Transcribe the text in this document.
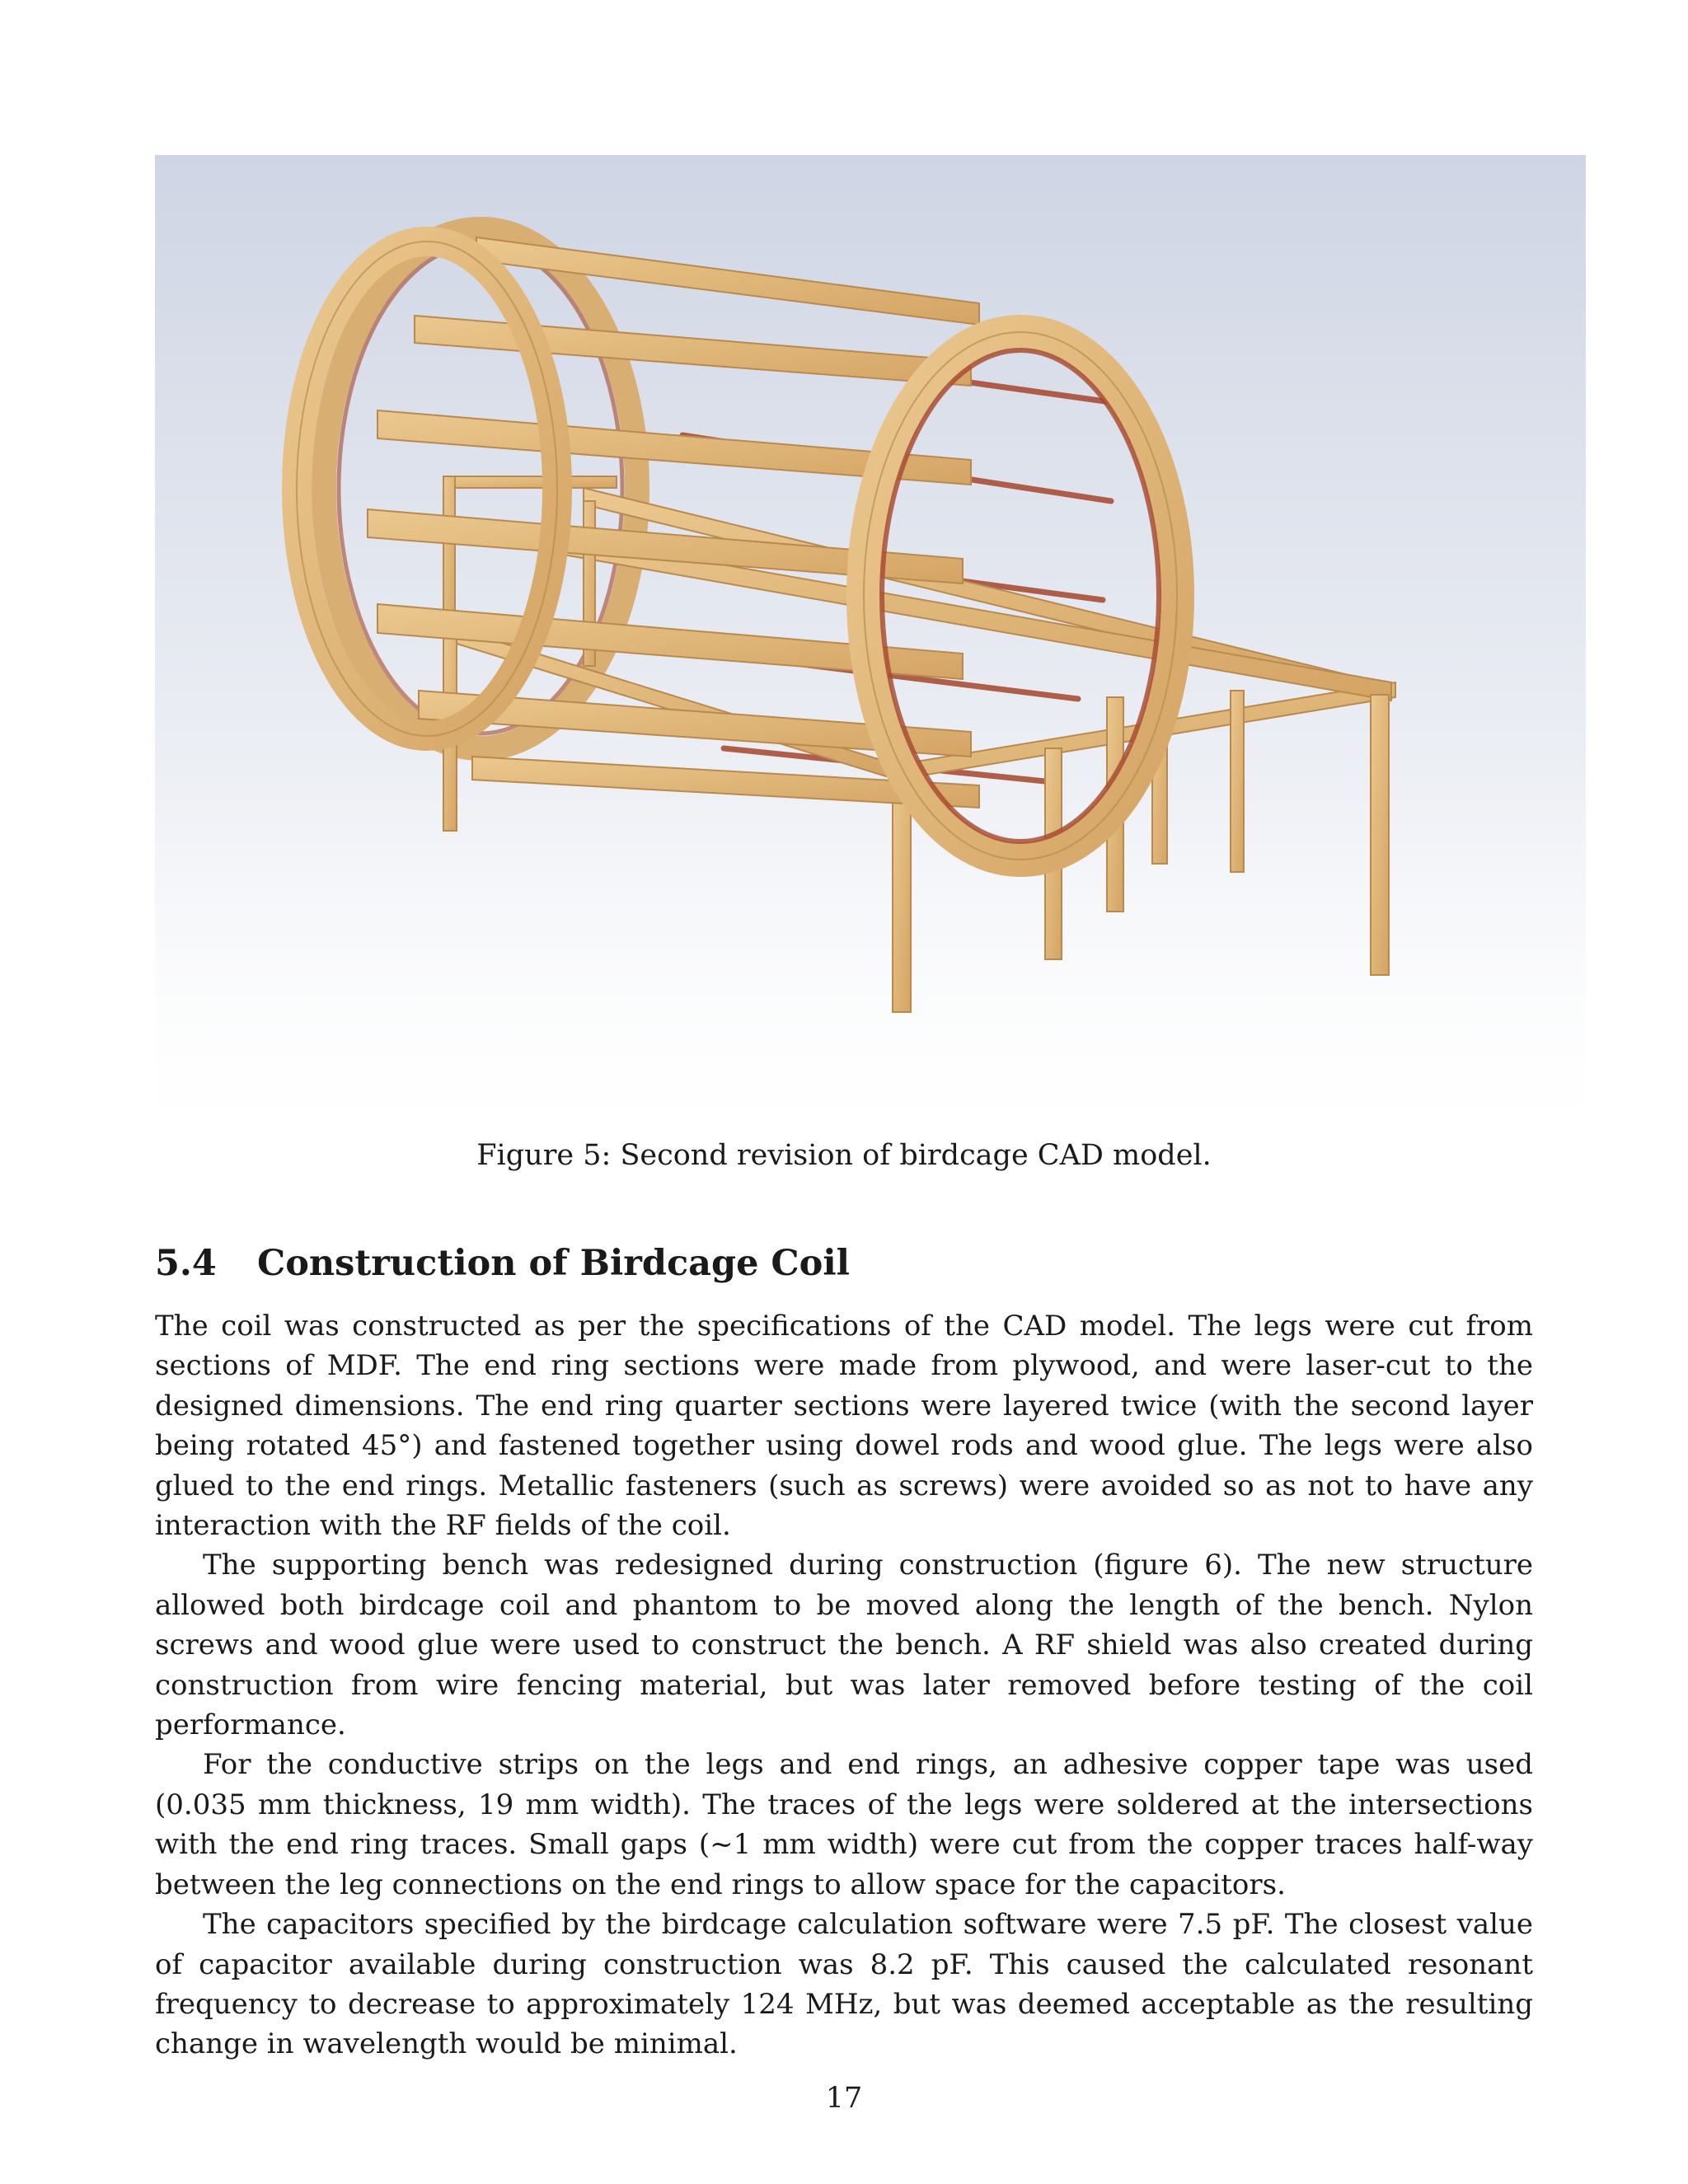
Figure 5: Second revision of birdcage CAD model.
5.4 Construction of Birdcage Coil

The coil was constructed as per the specifications of the CAD model. The legs were cut from sections of MDF. The end ring sections were made from plywood, and were laser-cut to the designed dimensions. The end ring quarter sections were layered twice (with the second layer being rotated 45°) and fastened together using dowel rods and wood glue. The legs were also glued to the end rings. Metallic fasteners (such as screws) were avoided so as not to have any interaction with the RF fields of the coil.

The supporting bench was redesigned during construction (figure 6). The new structure allowed both birdcage coil and phantom to be moved along the length of the bench. Nylon screws and wood glue were used to construct the bench. A RF shield was also created during construction from wire fencing material, but was later removed before testing of the coil performance.

For the conductive strips on the legs and end rings, an adhesive copper tape was used (0.035 mm thickness, 19 mm width). The traces of the legs were soldered at the intersections with the end ring traces. Small gaps (~1 mm width) were cut from the copper traces half-way between the leg connections on the end rings to allow space for the capacitors.

The capacitors specified by the birdcage calculation software were 7.5 pF. The closest value of capacitor available during construction was 8.2 pF. This caused the calculated resonant frequency to decrease to approximately 124 MHz, but was deemed acceptable as the resulting change in wavelength would be minimal.

17
